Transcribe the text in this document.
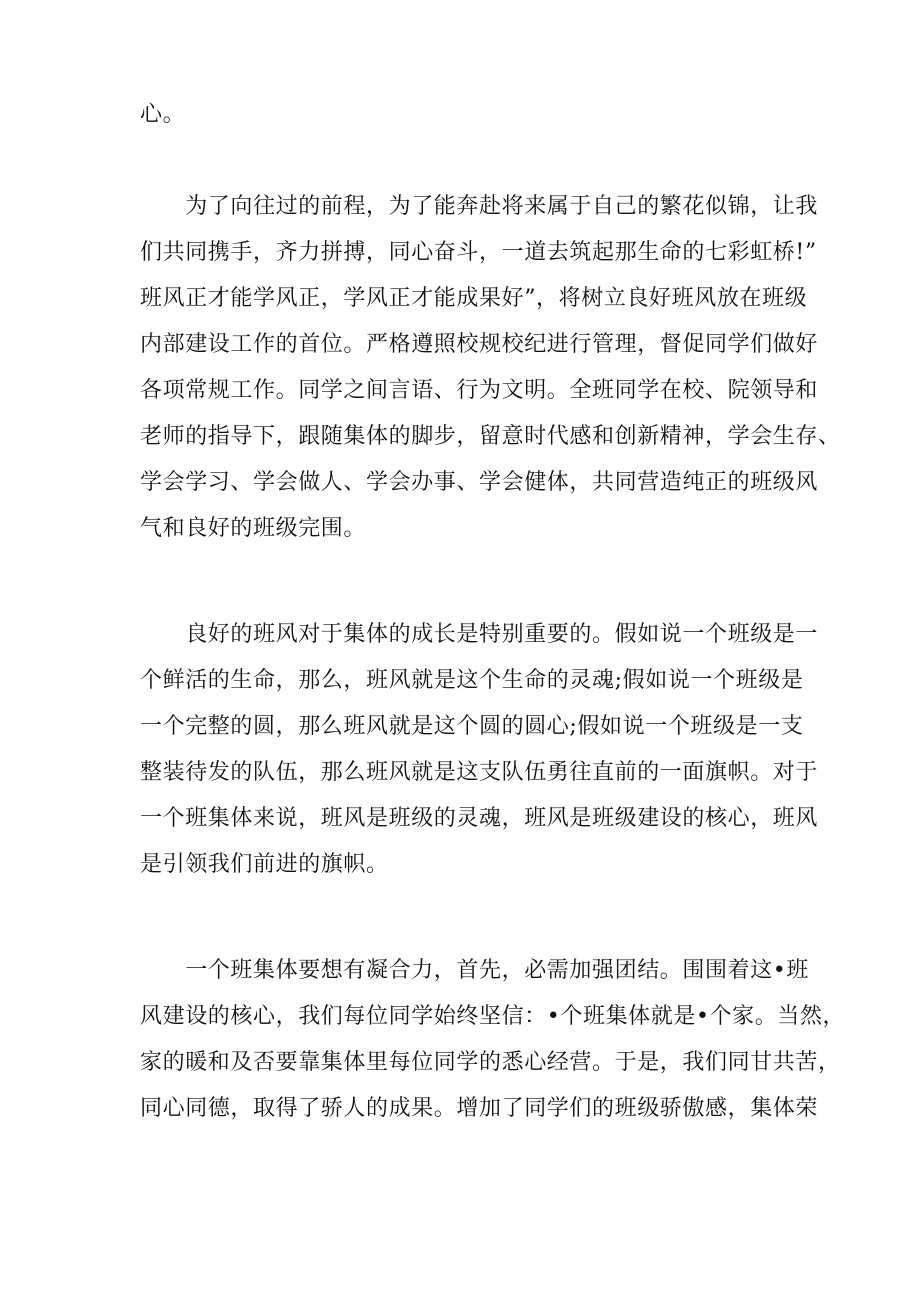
心。

　　为了向往过的前程，为了能奔赴将来属于自己的繁花似锦，让我
们共同携手，齐力拼搏，同心奋斗，一道去筑起那生命的七彩虹桥!”
班风正才能学风正，学风正才能成果好”，将树立良好班风放在班级
内部建设工作的首位。严格遵照校规校纪进行管理，督促同学们做好
各项常规工作。同学之间言语、行为文明。全班同学在校、院领导和
老师的指导下，跟随集体的脚步，留意时代感和创新精神，学会生存、
学会学习、学会做人、学会办事、学会健体，共同营造纯正的班级风
气和良好的班级完围。

　　良好的班风对于集体的成长是特别重要的。假如说一个班级是一
个鲜活的生命，那么，班风就是这个生命的灵魂;假如说一个班级是
一个完整的圆，那么班风就是这个圆的圆心;假如说一个班级是一支
整装待发的队伍，那么班风就是这支队伍勇往直前的一面旗帜。对于
一个班集体来说，班风是班级的灵魂，班风是班级建设的核心，班风
是引领我们前进的旗帜。

　　一个班集体要想有凝合力，首先，必需加强团结。围围着这•班
风建设的核心，我们每位同学始终坚信：•个班集体就是•个家。当然，
家的暖和及否要靠集体里每位同学的悉心经营。于是，我们同甘共苦，
同心同德，取得了骄人的成果。增加了同学们的班级骄傲感，集体荣
